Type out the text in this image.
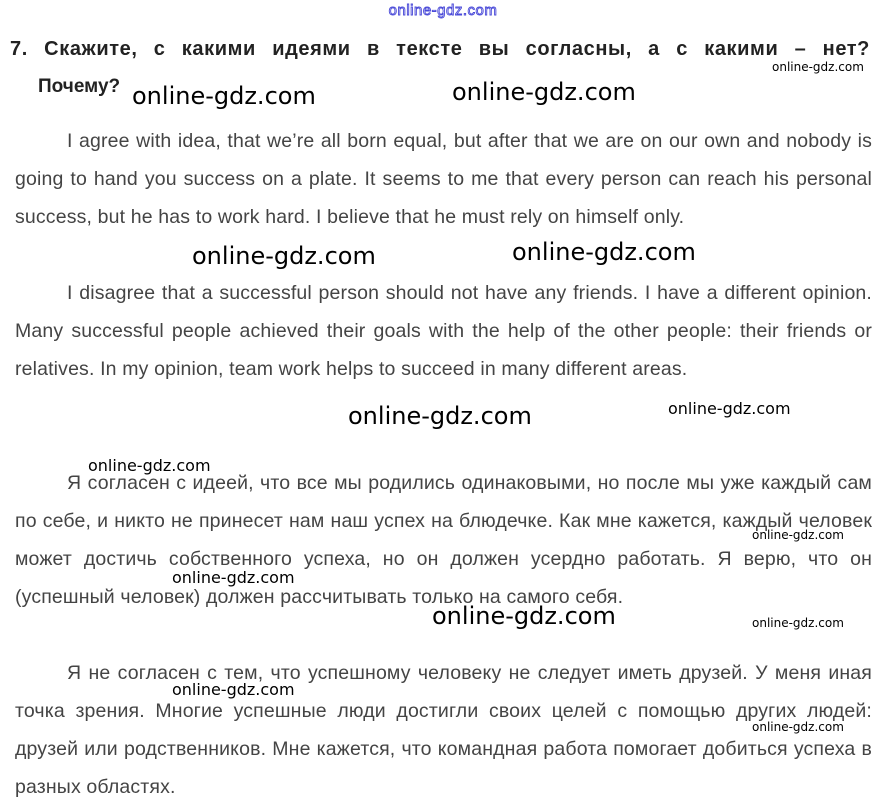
online-gdz.com
7. Скажите, с какими идеями в тексте вы согласны, а с какими – нет?
Почему?

I agree with idea, that we’re all born equal, but after that we are on our own and nobody is going to hand you success on a plate. It seems to me that every person can reach his personal success, but he has to work hard. I believe that he must rely on himself only.

I disagree that a successful person should not have any friends. I have a different opinion. Many successful people achieved their goals with the help of the other people: their friends or relatives. In my opinion, team work helps to succeed in many different areas.

Я согласен с идеей, что все мы родились одинаковыми, но после мы уже каждый сам по себе, и никто не принесет нам наш успех на блюдечке. Как мне кажется, каждый человек может достичь собственного успеха, но он должен усердно работать. Я верю, что он (успешный человек) должен рассчитывать только на самого себя.

Я не согласен с тем, что успешному человеку не следует иметь друзей. У меня иная точка зрения. Многие успешные люди достигли своих целей с помощью других людей: друзей или родственников. Мне кажется, что командная работа помогает добиться успеха в разных областях.

online-gdz.com	online-gdz.com
online-gdz.com
online-gdz.com	online-gdz.com
online-gdz.com	online-gdz.com
online-gdz.com
online-gdz.com
online-gdz.com
online-gdz.com	online-gdz.com
online-gdz.com
online-gdz.com
